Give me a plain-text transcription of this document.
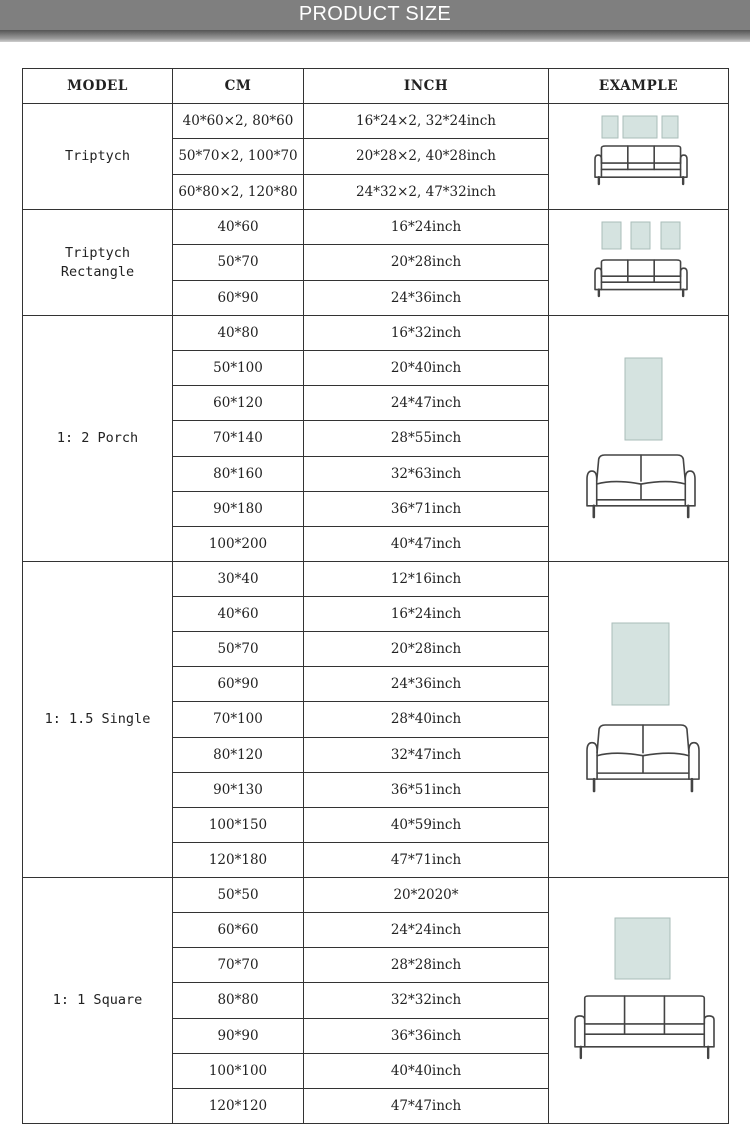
PRODUCT SIZE
MODEL	CM	INCH	EXAMPLE

Triptych	40*60×2, 80*60	16*24×2, 32*24inch	

	50*70×2, 100*70	20*28×2, 40*28inch	
	60*80×2, 120*80	24*32×2, 47*32inch	

Triptych
Rectangle	40*60	16*24inch	

	50*70	20*28inch	
	60*90	24*36inch	

1: 2 Porch	40*80	16*32inch	

	50*100	20*40inch	
	60*120	24*47inch	
	70*140	28*55inch	
	80*160	32*63inch	
	90*180	36*71inch	
	100*200	40*47inch	

1: 1.5 Single	30*40	12*16inch	

	40*60	16*24inch	
	50*70	20*28inch	
	60*90	24*36inch	
	70*100	28*40inch	
	80*120	32*47inch	
	90*130	36*51inch	
	100*150	40*59inch	
	120*180	47*71inch	

1: 1 Square	50*50	20*2020*	

	60*60	24*24inch	
	70*70	28*28inch	
	80*80	32*32inch	
	90*90	36*36inch	
	100*100	40*40inch	
	120*120	47*47inch	
